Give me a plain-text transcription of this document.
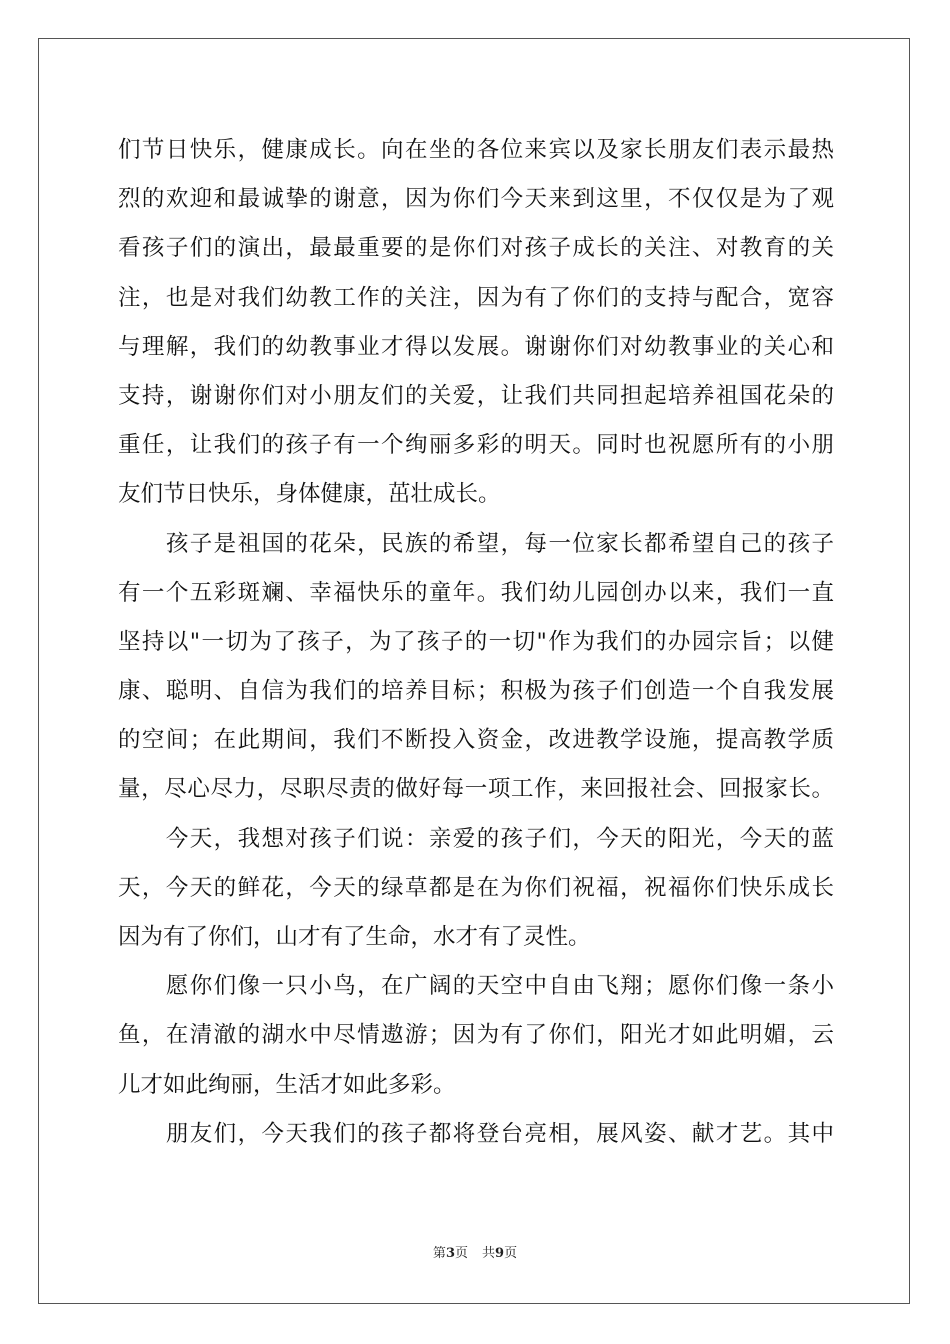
们节日快乐，健康成长。向在坐的各位来宾以及家长朋友们表示最热
烈的欢迎和最诚挚的谢意，因为你们今天来到这里，不仅仅是为了观
看孩子们的演出，最最重要的是你们对孩子成长的关注、对教育的关
注，也是对我们幼教工作的关注，因为有了你们的支持与配合，宽容
与理解，我们的幼教事业才得以发展。谢谢你们对幼教事业的关心和
支持，谢谢你们对小朋友们的关爱，让我们共同担起培养祖国花朵的
重任，让我们的孩子有一个绚丽多彩的明天。同时也祝愿所有的小朋
友们节日快乐，身体健康，茁壮成长。

　　孩子是祖国的花朵，民族的希望，每一位家长都希望自己的孩子
有一个五彩斑斓、幸福快乐的童年。我们幼儿园创办以来，我们一直
坚持以"一切为了孩子，为了孩子的一切"作为我们的办园宗旨；以健
康、聪明、自信为我们的培养目标；积极为孩子们创造一个自我发展
的空间；在此期间，我们不断投入资金，改进教学设施，提高教学质
量，尽心尽力，尽职尽责的做好每一项工作，来回报社会、回报家长。

　　今天，我想对孩子们说：亲爱的孩子们，今天的阳光，今天的蓝
天，今天的鲜花，今天的绿草都是在为你们祝福，祝福你们快乐成长
因为有了你们，山才有了生命，水才有了灵性。

　　愿你们像一只小鸟，在广阔的天空中自由飞翔；愿你们像一条小
鱼，在清澈的湖水中尽情遨游；因为有了你们，阳光才如此明媚，云
儿才如此绚丽，生活才如此多彩。

　　朋友们，今天我们的孩子都将登台亮相，展风姿、献才艺。其中

第3页 共9页
